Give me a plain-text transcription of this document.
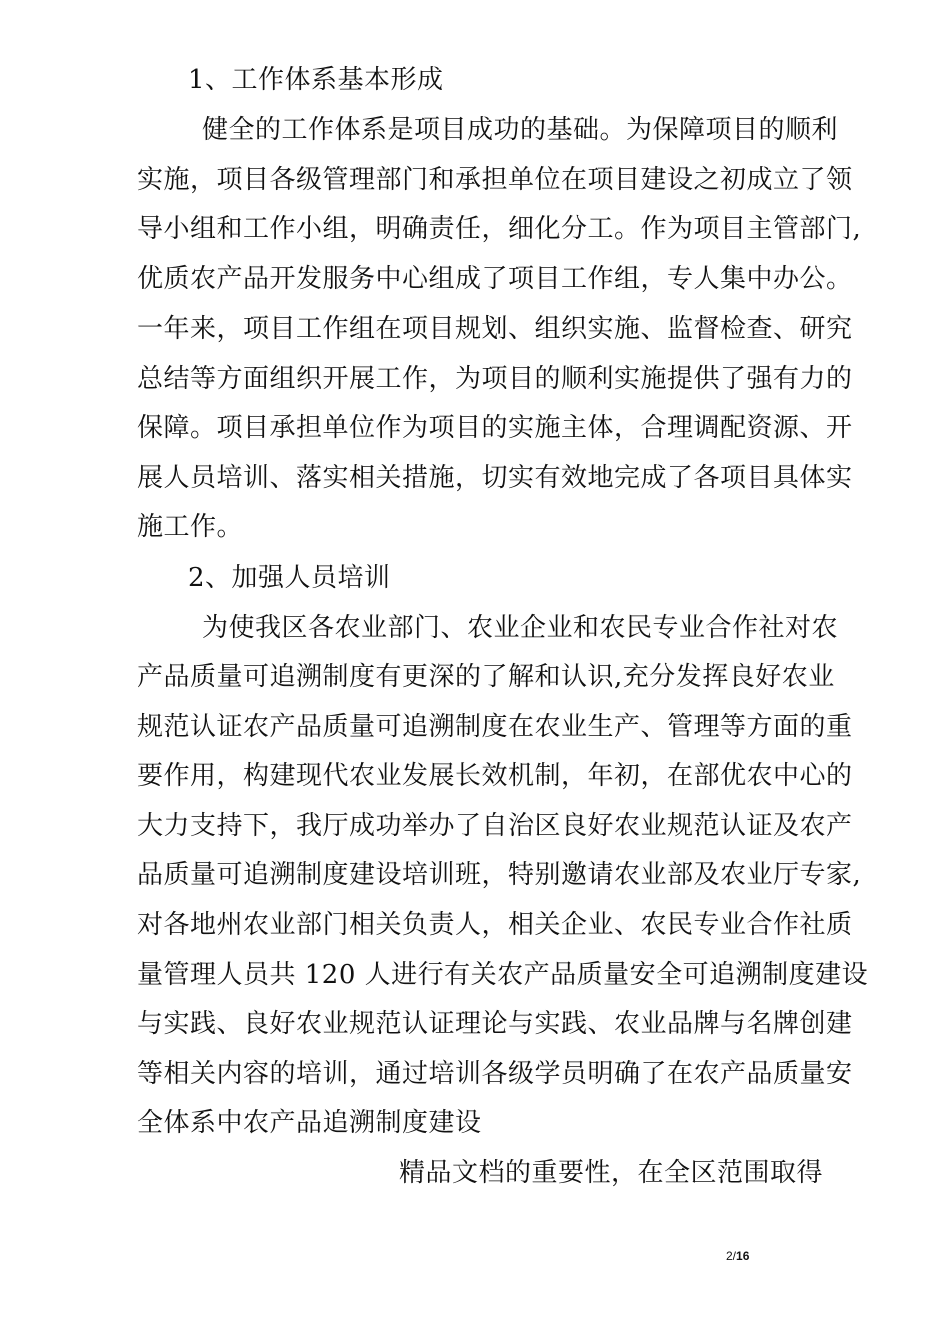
1、工作体系基本形成
健全的工作体系是项目成功的基础。为保障项目的顺利
实施，项目各级管理部门和承担单位在项目建设之初成立了领
导小组和工作小组，明确责任，细化分工。作为项目主管部门,
优质农产品开发服务中心组成了项目工作组，专人集中办公。
一年来，项目工作组在项目规划、组织实施、监督检查、研究
总结等方面组织开展工作，为项目的顺利实施提供了强有力的
保障。项目承担单位作为项目的实施主体，合理调配资源、开
展人员培训、落实相关措施，切实有效地完成了各项目具体实
施工作。
2、加强人员培训
为使我区各农业部门、农业企业和农民专业合作社对农
产品质量可追溯制度有更深的了解和认识,充分发挥良好农业
规范认证农产品质量可追溯制度在农业生产、管理等方面的重
要作用，构建现代农业发展长效机制，年初，在部优农中心的
大力支持下，我厅成功举办了自治区良好农业规范认证及农产
品质量可追溯制度建设培训班，特别邀请农业部及农业厅专家,
对各地州农业部门相关负责人，相关企业、农民专业合作社质
量管理人员共 120 人进行有关农产品质量安全可追溯制度建设
与实践、良好农业规范认证理论与实践、农业品牌与名牌创建
等相关内容的培训，通过培训各级学员明确了在农产品质量安
全体系中农产品追溯制度建设
精品文档的重要性，在全区范围取得
2/16
